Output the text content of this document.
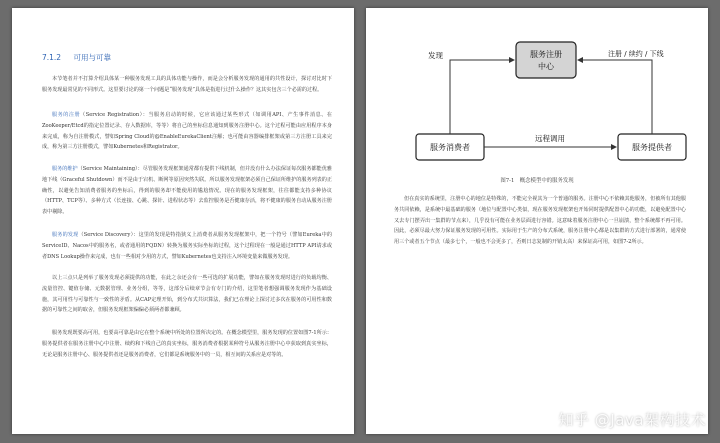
7.1.2 可用与可靠

本节笔者并不打算介绍具体某一种服务发现工具的具体功能与操作，而是会分析服务发现的通用的共性设计，探讨对比时下服务发现最常见的不同形式。这里要讨论的第一个问题是“服务发现”具体是指进行过什么操作？这其实包含三个必需的过程。

服务的注册（Service Registration）：当服务启动的时候，它应该通过某些形式（如调用API、产生事件消息、在ZooKeeper/Etcd的指定位置记录、存入数据库，等等）将自己的坐标信息通知到服务注册中心。这个过程可能由应用程序本身来完成，称为自注册模式，譬如Spring Cloud的@EnableEurekaClient注解；也可能由容器编排框架或第三方注册工具来完成，称为第三方注册模式，譬如Kubernetes和Registrator。

服务的维护（Service Maintaining）：尽管服务发现框架通常都有提供下线机制，但并没有什么办法保证每次服务都能优雅地下线（Graceful Shutdown）而不是由于宕机、断网等原因突然失联。所以服务发现框架必须自己保证所维护的服务列表的正确性，以避免告知消费者服务的坐标后，得到的服务却不能使用的尴尬情况。现在的服务发现框架，往往都能支持多种协议（HTTP、TCP等）、多种方式（长连接、心跳、探针、进程状态等）去监控服务是否健康存活，将不健康的服务自动从服务注册表中剔除。

服务的发现（Service Discovery）：这里的发现是特指狭义上消费者从服务发现框架中，把一个符号（譬如Eureka中的ServiceID、Nacos中的服务名，或者通用的FQDN）转换为服务实际坐标的过程，这个过程现在一般是通过HTTP API请求或者DNS Lookup操作来完成，也有一些相对少用的方式，譬如Kubernetes也支持注入环境变量来做服务发现。

以上三点只是列举了服务发现必须提供的功能，在此之余还会有一些可选的扩展功能，譬如在服务发现时进行的负载均衡、流量管控、键值存储、元数据管理、业务分组，等等，这部分后续章节会有专门的介绍，这里笔者想强调服务发现作为基础设施，其可用性与可靠性与一致性的矛盾。从CAP定理开始，到分布式共识算法，我们已在理论上探讨过多次在服务的可用性和数据的可靠性之间的取舍，但服务发现框架偏偏必须两者都兼顾。

服务发现既要高可用，也要高可靠是由它在整个系统中所处的位置所决定的。在概念模型里，服务发现的位置如图7-1所示：服务提供者在服务注册中心中注册、续约和下线自己的真实坐标，服务消费者根据某种符号从服务注册中心中获取到真实坐标，无论是服务注册中心、服务提供者还是服务消费者，它们都是系统服务中的一员，相互间的关系应是对等的。

服务注册
中心
服务消费者	服务提供者
发现	注册 / 续约 / 下线
远程调用
图7-1　概念模型中的服务发现

但在真实的系统里，注册中心的地位是特殊的，不能完全视其为一个普通的服务。注册中心不依赖其他服务，但被所有其他服务共同依赖，是系统中最基础的服务（地位与配置中心类似，现在服务发现框架也开始同时提供配置中心的功能，以避免配置中心又去专门摆弄出一集群的节点来），几乎没有可能在业务层面进行容错。这意味着服务注册中心一旦崩溃，整个系统都不再可用。因此，必须尽最大努力保证服务发现的可用性。实际用于生产的分布式系统，服务注册中心都是以集群的方式进行部署的，通常使用三个或者五个节点（最多七个，一般也不会更多了，否则日志复制的开销太高）来保证高可用，如图7-2所示。

知乎 @Java架构技术
